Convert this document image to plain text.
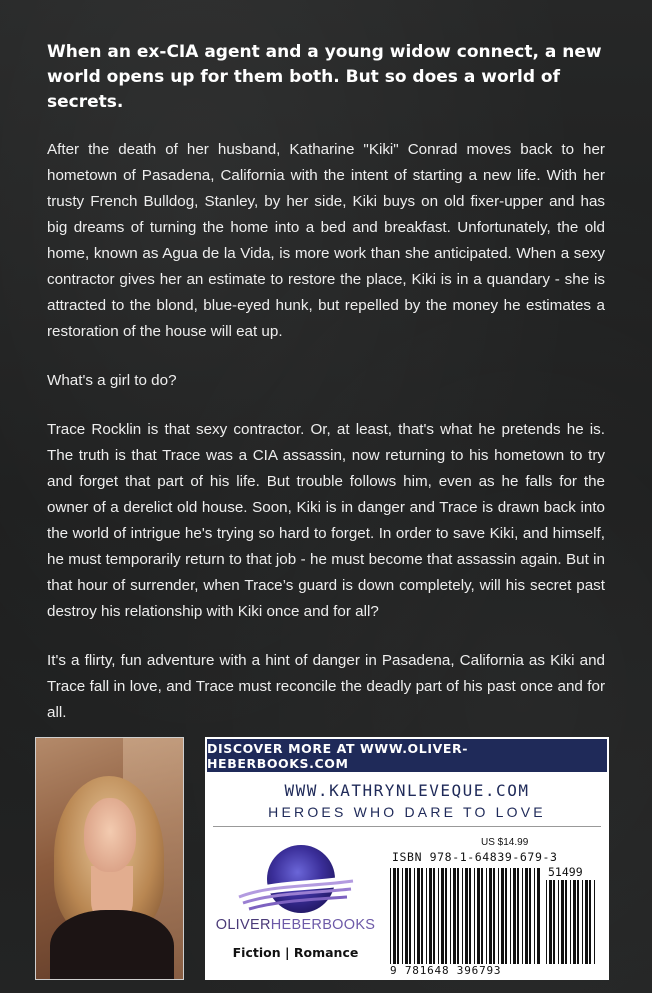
When an ex-CIA agent and a young widow connect, a new world opens up for them both. But so does a world of secrets.

After the death of her husband, Katharine "Kiki" Conrad moves back to her hometown of Pasadena, California with the intent of starting a new life. With her trusty French Bulldog, Stanley, by her side, Kiki buys on old fixer-upper and has big dreams of turning the home into a bed and breakfast. Unfortunately, the old home, known as Agua de la Vida, is more work than she anticipated. When a sexy contractor gives her an estimate to restore the place, Kiki is in a quandary - she is attracted to the blond, blue-eyed hunk, but repelled by the money he estimates a restoration of the house will eat up.

What's a girl to do?

Trace Rocklin is that sexy contractor. Or, at least, that's what he pretends he is. The truth is that Trace was a CIA assassin, now returning to his hometown to try and forget that part of his life. But trouble follows him, even as he falls for the owner of a derelict old house. Soon, Kiki is in danger and Trace is drawn back into the world of intrigue he's trying so hard to forget. In order to save Kiki, and himself, he must temporarily return to that job - he must become that assassin again. But in that hour of surrender, when Trace’s guard is down completely, will his secret past destroy his relationship with Kiki once and for all?

It's a flirty, fun adventure with a hint of danger in Pasadena, California as Kiki and Trace fall in love, and Trace must reconcile the deadly part of his past once and for all.

DISCOVER MORE AT WWW.OLIVER-HEBERBOOKS.COM
WWW.KATHRYNLEVEQUE.COM
HEROES WHO DARE TO LOVE
OLIVERHEBERBOOKS
Fiction | Romance
US $14.99
ISBN 978-1-64839-679-3
51499
9 781648 396793
